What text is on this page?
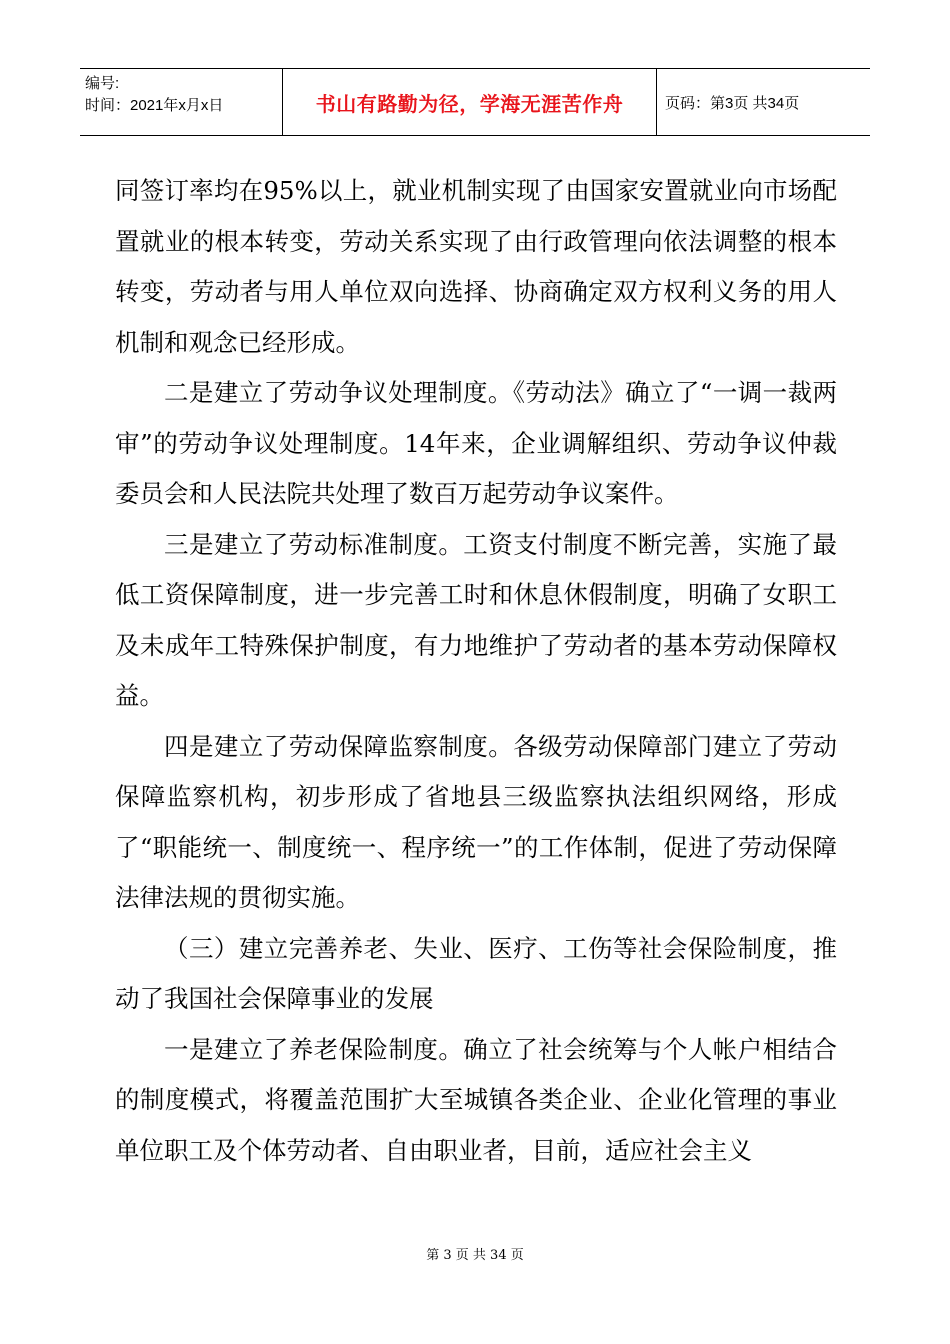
编号:
时间：2021年x月x日	书山有路勤为径，学海无涯苦作舟	页码：第3页 共34页

同签订率均在95%以上，就业机制实现了由国家安置就业向市场配置就业的根本转变，劳动关系实现了由行政管理向依法调整的根本转变，劳动者与用人单位双向选择、协商确定双方权利义务的用人机制和观念已经形成。

二是建立了劳动争议处理制度。《劳动法》确立了“一调一裁两审”的劳动争议处理制度。14年来，企业调解组织、劳动争议仲裁委员会和人民法院共处理了数百万起劳动争议案件。

三是建立了劳动标准制度。工资支付制度不断完善，实施了最低工资保障制度，进一步完善工时和休息休假制度，明确了女职工及未成年工特殊保护制度，有力地维护了劳动者的基本劳动保障权益。

四是建立了劳动保障监察制度。各级劳动保障部门建立了劳动保障监察机构，初步形成了省地县三级监察执法组织网络，形成了“职能统一、制度统一、程序统一”的工作体制，促进了劳动保障法律法规的贯彻实施。

（三）建立完善养老、失业、医疗、工伤等社会保险制度，推动了我国社会保障事业的发展

一是建立了养老保险制度。确立了社会统筹与个人帐户相结合的制度模式，将覆盖范围扩大至城镇各类企业、企业化管理的事业单位职工及个体劳动者、自由职业者，目前，适应社会主义

第 3 页 共 34 页
